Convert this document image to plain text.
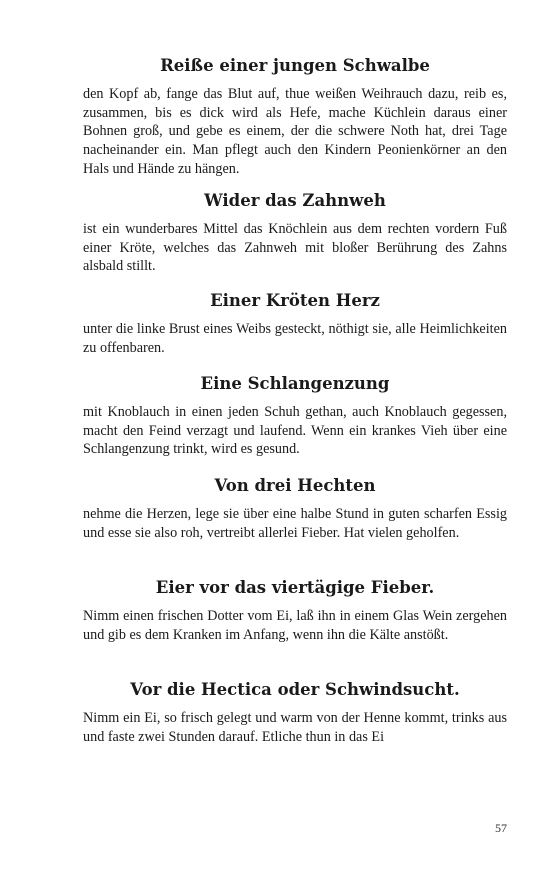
Reiße einer jungen Schwalbe

den Kopf ab, fange das Blut auf, thue weißen Weihrauch dazu, reib es, zusammen, bis es dick wird als Hefe, mache Küchlein daraus einer Bohnen groß, und gebe es einem, der die schwere Noth hat, drei Tage nacheinander ein. Man pflegt auch den Kindern Peonienkörner an den Hals und Hände zu hängen.

Wider das Zahnweh

ist ein wunderbares Mittel das Knöchlein aus dem rechten vordern Fuß einer Kröte, welches das Zahnweh mit bloßer Berührung des Zahns alsbald stillt.

Einer Kröten Herz

unter die linke Brust eines Weibs gesteckt, nöthigt sie, alle Heimlichkeiten zu offenbaren.

Eine Schlangenzung

mit Knoblauch in einen jeden Schuh gethan, auch Knoblauch gegessen, macht den Feind verzagt und laufend. Wenn ein krankes Vieh über eine Schlangenzung trinkt, wird es gesund.

Von drei Hechten

nehme die Herzen, lege sie über eine halbe Stund in guten scharfen Essig und esse sie also roh, vertreibt allerlei Fieber. Hat vielen geholfen.

Eier vor das viertägige Fieber.

Nimm einen frischen Dotter vom Ei, laß ihn in einem Glas Wein zergehen und gib es dem Kranken im Anfang, wenn ihn die Kälte anstößt.

Vor die Hectica oder Schwindsucht.

Nimm ein Ei, so frisch gelegt und warm von der Henne kommt, trinks aus und faste zwei Stunden darauf. Etliche thun in das Ei

57
